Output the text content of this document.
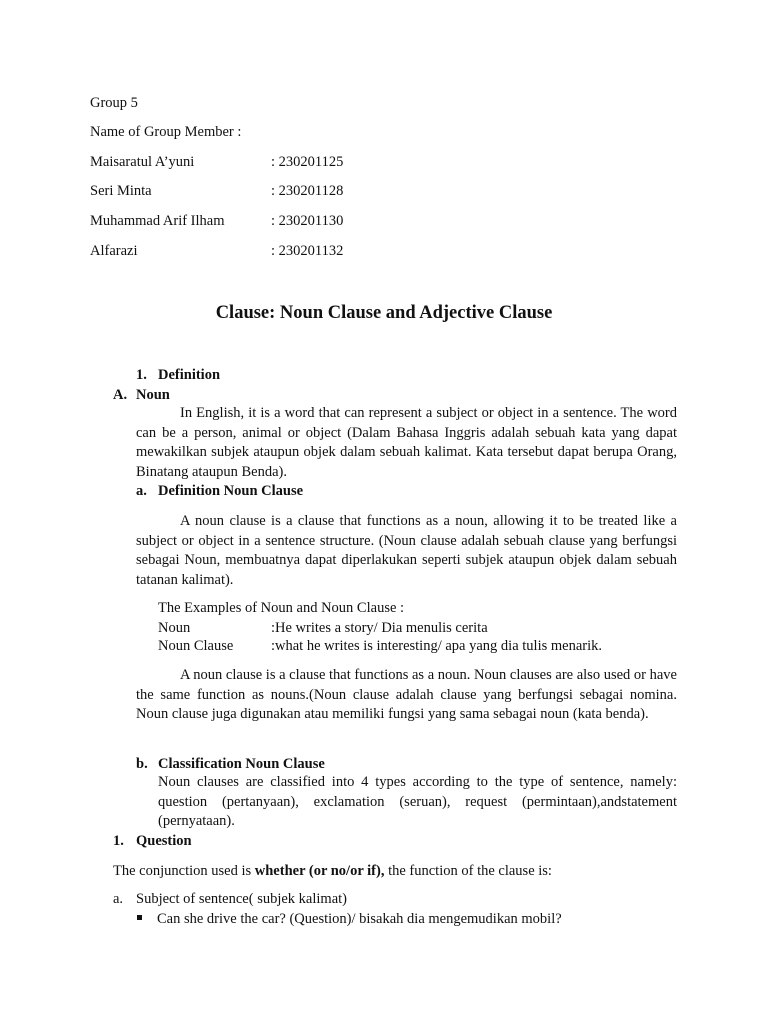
Group 5
Name of Group Member :
Maisaratul A’yuni	: 230201125
Seri Minta	: 230201128
Muhammad Arif Ilham	: 230201130
Alfarazi	: 230201132
Clause: Noun Clause and Adjective Clause
1. Definition
A. Noun
In English, it is a word that can represent a subject or object in a sentence. The word can be a person, animal or object (Dalam Bahasa Inggris adalah sebuah kata yang dapat mewakilkan subjek ataupun objek dalam sebuah kalimat. Kata tersebut dapat berupa Orang, Binatang ataupun Benda).
a. Definition Noun Clause
A noun clause is a clause that functions as a noun, allowing it to be treated like a subject or object in a sentence structure. (Noun clause adalah sebuah clause yang berfungsi sebagai Noun, membuatnya dapat diperlakukan seperti subjek ataupun objek dalam sebuah tatanan kalimat).
The Examples of Noun and Noun Clause :
Noun	:He writes a story/ Dia menulis cerita
Noun Clause	:what he writes is interesting/ apa yang dia tulis menarik.
A noun clause is a clause that functions as a noun. Noun clauses are also used or have the same function as nouns.(Noun clause adalah clause yang berfungsi sebagai nomina. Noun clause juga digunakan atau memiliki fungsi yang sama sebagai noun (kata benda).
b. Classification Noun Clause
Noun clauses are classified into 4 types according to the type of sentence, namely: question (pertanyaan), exclamation (seruan), request (permintaan),andstatement (pernyataan).
1. Question
The conjunction used is whether (or no/or if), the function of the clause is:
a. Subject of sentence( subjek kalimat)
Can she drive the car? (Question)/ bisakah dia mengemudikan mobil?
